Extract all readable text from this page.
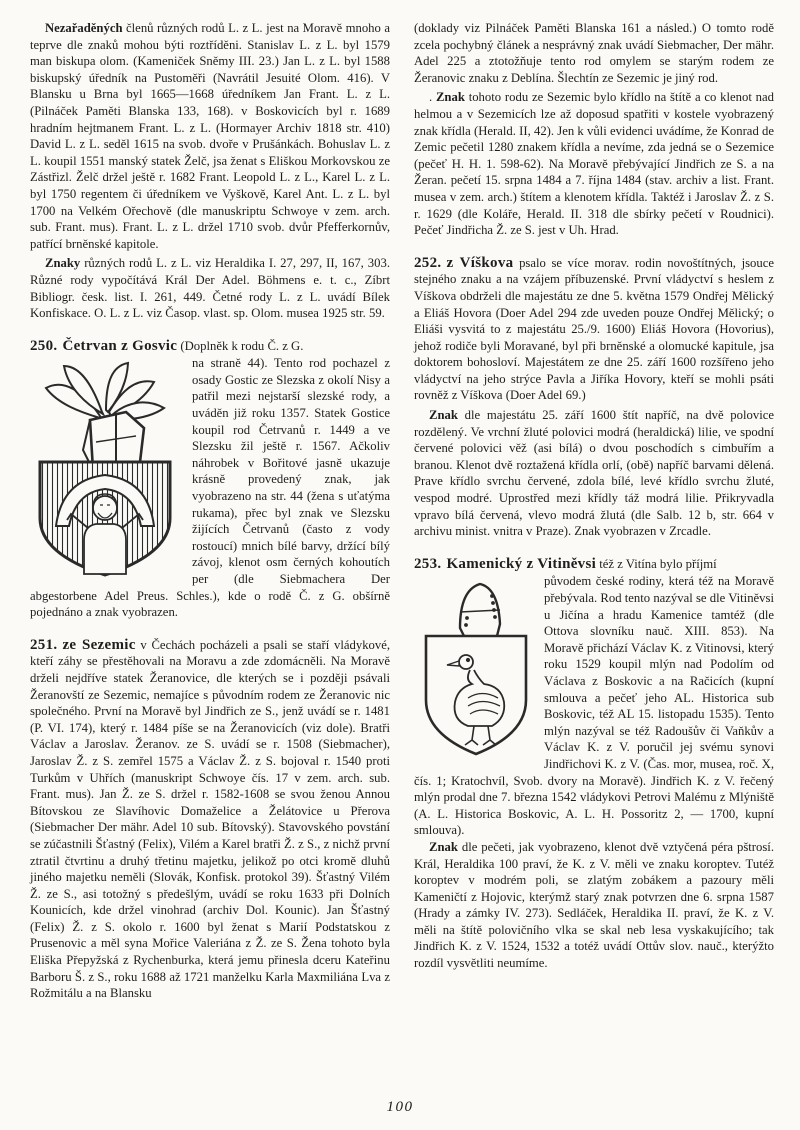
Nezařaděných členů různých rodů L. z L. jest na Moravě mnoho a teprve dle znaků mohou býti roztříděni. Stanislav L. z L. byl 1579 man biskupa olom. (Kameniček Sněmy III. 23.) Jan L. z L. byl 1588 biskupský úředník na Pustoměři (Navrátil Jesuité Olom. 416). V Blansku u Brna byl 1665—1668 úředníkem Jan Frant. L. z L. (Pilnáček Paměti Blanska 133, 168). v Boskovicích byl r. 1689 hradním hejtmanem Frant. L. z L. (Hormayer Archiv 1818 str. 410) David L. z L. seděl 1615 na svob. dvoře v Prušánkách. Bohuslav L. z L. koupil 1551 manský statek Želč, jsa ženat s Eliškou Morkovskou ze Zástřizl. Želč držel ještě r. 1682 Frant. Leopold L. z L., Karel L. z L. byl 1750 regentem či úředníkem ve Vyškově, Karel Ant. L. z L. byl 1700 na Velkém Ořechově (dle manuskriptu Schwoye v zem. arch. sub. Frant. mus). Frant. L. z L. držel 1710 svob. dvůr Pfefferkornův, patřící brněnské kapitole.

Znaky různých rodů L. z L. viz Heraldika I. 27, 297, II, 167, 303. Různé rody vypočítává Král Der Adel. Böhmens e. t. c., Zíbrt Bibliogr. česk. list. I. 261, 449. Četné rody L. z L. uvádí Bílek Konfiskace. O. L. z L. viz Časop. vlast. sp. Olom. musea 1925 str. 59.

250. Četrvan z Gosvic (Doplněk k rodu Č. z G.
na straně 44). Tento rod pochazel z osady Gostic ze Slezska z okolí Nisy a patřil mezi nejstarší slezské rody, a uváděn již roku 1357. Statek Gostice koupil rod Četrvanů r. 1449 a ve Slezsku žil ještě r. 1567. Ačkoliv náhrobek v Bořitové jasně ukazuje krásně provedený znak, jak vyobrazeno na str. 44 (žena s uťatýma rukama), přec byl znak ve Slezsku žijících Četrvanů (často z vody rostoucí) mnich bílé barvy, držící bílý závoj, klenot osm černých kohoutích per (dle Siebmachera Der abgestorbene Adel Preus. Schles.), kde o rodě Č. z G. obšírně pojednáno a znak vyobrazen.

251. ze Sezemic v Čechách pocházeli a psali se staří vládykové, kteří záhy se přestěhovali na Moravu a zde zdomácněli. Na Moravě drželi nejdříve statek Žeranovice, dle kterých se i později psávali Žeranovští ze Sezemic, nemajíce s původním rodem ze Žeranovic nic společného. První na Moravě byl Jindřich ze S., jenž uvádí se r. 1481 (P. VI. 174), který r. 1484 píše se na Žeranovicích (viz dole). Bratři Václav a Jaroslav. Žeranov. ze S. uvádí se r. 1508 (Siebmacher), Jaroslav Ž. z S. zemřel 1575 a Václav Ž. z S. bojoval r. 1540 proti Turkům v Uhřích (manuskript Schwoye čís. 17 v zem. arch. sub. Frant. mus). Jan Ž. ze S. držel r. 1582-1608 se svou ženou Annou Bítovskou ze Slavíhovic Domaželice a Želátovice u Přerova (Siebmacher Der mähr. Adel 10 sub. Bítovský). Stavovského povstání se zúčastnili Šťastný (Felix), Vilém a Karel bratři Ž. z S., z nichž první ztratil čtvrtinu a druhý třetinu majetku, jelikož po otci kromě dluhů jiného majetku neměli (Slovák, Konfisk. protokol 39). Šťastný Vilém Ž. ze S., asi totožný s předešlým, uvádí se roku 1633 při Dolních Kounicích, kde držel vinohrad (archiv Dol. Kounic). Jan Šťastný (Felix) Ž. z S. okolo r. 1600 byl ženat s Marií Podstatskou z Prusenovic a měl syna Mořice Valeriána z Ž. ze S. Žena tohoto byla Eliška Přepyžská z Rychenburka, která jemu přinesla dceru Kateřinu Barboru Š. z S., roku 1688 až 1721 manželku Karla Maxmiliána Lva z Rožmitálu a na Blansku

(doklady viz Pilnáček Paměti Blanska 161 a násled.) O tomto rodě zcela pochybný článek a nesprávný znak uvádí Siebmacher, Der mähr. Adel 225 a ztotožňuje tento rod omylem se starým rodem ze Žeranovic znaku z Deblína. Šlechtín ze Sezemic je jiný rod.

. Znak tohoto rodu ze Sezemic bylo křídlo na štítě a co klenot nad helmou a v Sezemicích lze až doposud spatřiti v kostele vyobrazený znak křídla (Herald. II, 42). Jen k vůli evidenci uvádíme, že Konrad de Zemic pečetil 1280 znakem křídla a nevíme, zda jedná se o Sezemice (pečeť H. H. 1. 598-62). Na Moravě přebývající Jindřich ze S. a na Žeran. pečetí 15. srpna 1484 a 7. října 1484 (stav. archiv a list. Frant. musea v zem. arch.) štítem a klenotem křídla. Taktéž i Jaroslav Ž. z S. r. 1629 (dle Koláře, Herald. II. 318 dle sbírky pečetí v Roudnici). Pečeť Jindřicha Ž. ze S. jest v Uh. Hrad.

252. z Víškova psalo se více morav. rodin novoštítných, jsouce stejného znaku a na vzájem příbuzenské. První vládyctví s heslem z Víškova obdrželi dle majestátu ze dne 5. května 1579 Ondřej Mělický a Eliáš Hovora (Doer Adel 294 zde uveden pouze Ondřej Mělický; o Eliáši vysvitá to z majestátu 25./9. 1600) Eliáš Hovora (Hovorius), jehož rodiče byli Moravané, byl při brněnské a olomucké kapitule, jsa doktorem bohosloví. Majestátem ze dne 25. září 1600 rozšířeno jeho vládyctví na jeho strýce Pavla a Jiříka Hovory, kteří se mohli psáti rovněž z Víškova (Doer Adel 69.)

Znak dle majestátu 25. září 1600 štít napříč, na dvě polovice rozdělený. Ve vrchní žluté polovici modrá (heraldická) lilie, ve spodní červené polovici věž (asi bílá) o dvou poschodích s cimbuřím a branou. Klenot dvě roztažená křídla orlí, (obě) napříč barvami dělená. Prave křídlo svrchu červené, zdola bílé, levé křídlo svrchu žluté, vespod modré. Uprostřed mezi křídly táž modrá lilie. Přikryvadla vpravo bílá červená, vlevo modrá žlutá (dle Salb. 12 b, str. 664 v archivu minist. vnitra v Praze). Znak vyobrazen v Zrcadle.

253. Kamenický z Vitiněvsi též z Vitína bylo příjmí
původem české rodiny, která též na Moravě přebývala. Rod tento nazýval se dle Vitiněvsi u Jičína a hradu Kamenice tamtéž (dle Ottova slovníku nauč. XIII. 853). Na Moravě přichází Václav K. z Vitinovsi, který roku 1529 koupil mlýn nad Podolím od Václava z Boskovic a na Račicích (kupní smlouva a pečeť jeho AL. Historica sub Boskovic, též AL 15. listopadu 1535). Tento mlýn nazýval se též Radoušův či Vaňkův a Václav K. z V. poručil jej svému synovi Jindřichovi K. z V. (Čas. mor, musea, roč. X, čís. 1; Kratochvíl, Svob. dvory na Moravě). Jindřich K. z V. řečený mlýn prodal dne 7. března 1542 vládykovi Petrovi Malému z Mlýniště (A. L. Historica Boskovic, A. L. H. Possoritz 2, — 1700, kupní smlouva).

Znak dle pečeti, jak vyobrazeno, klenot dvě vztyčená péra pštrosí. Král, Heraldika 100 praví, že K. z V. měli ve znaku koroptev. Tutéž koroptev v modrém poli, se zlatým zobákem a pazoury měli Kameničtí z Hojovic, kterýmž starý znak potvrzen dne 6. srpna 1587 (Hrady a zámky IV. 273). Sedláček, Heraldika II. praví, že K. z V. měli na štítě polovičního vlka se skal neb lesa vyskakujícího; tak Jindřich K. z V. 1524, 1532 a totéž uvádí Ottův slov. nauč., kterýžto rozdíl vysvětliti neumíme.

100
